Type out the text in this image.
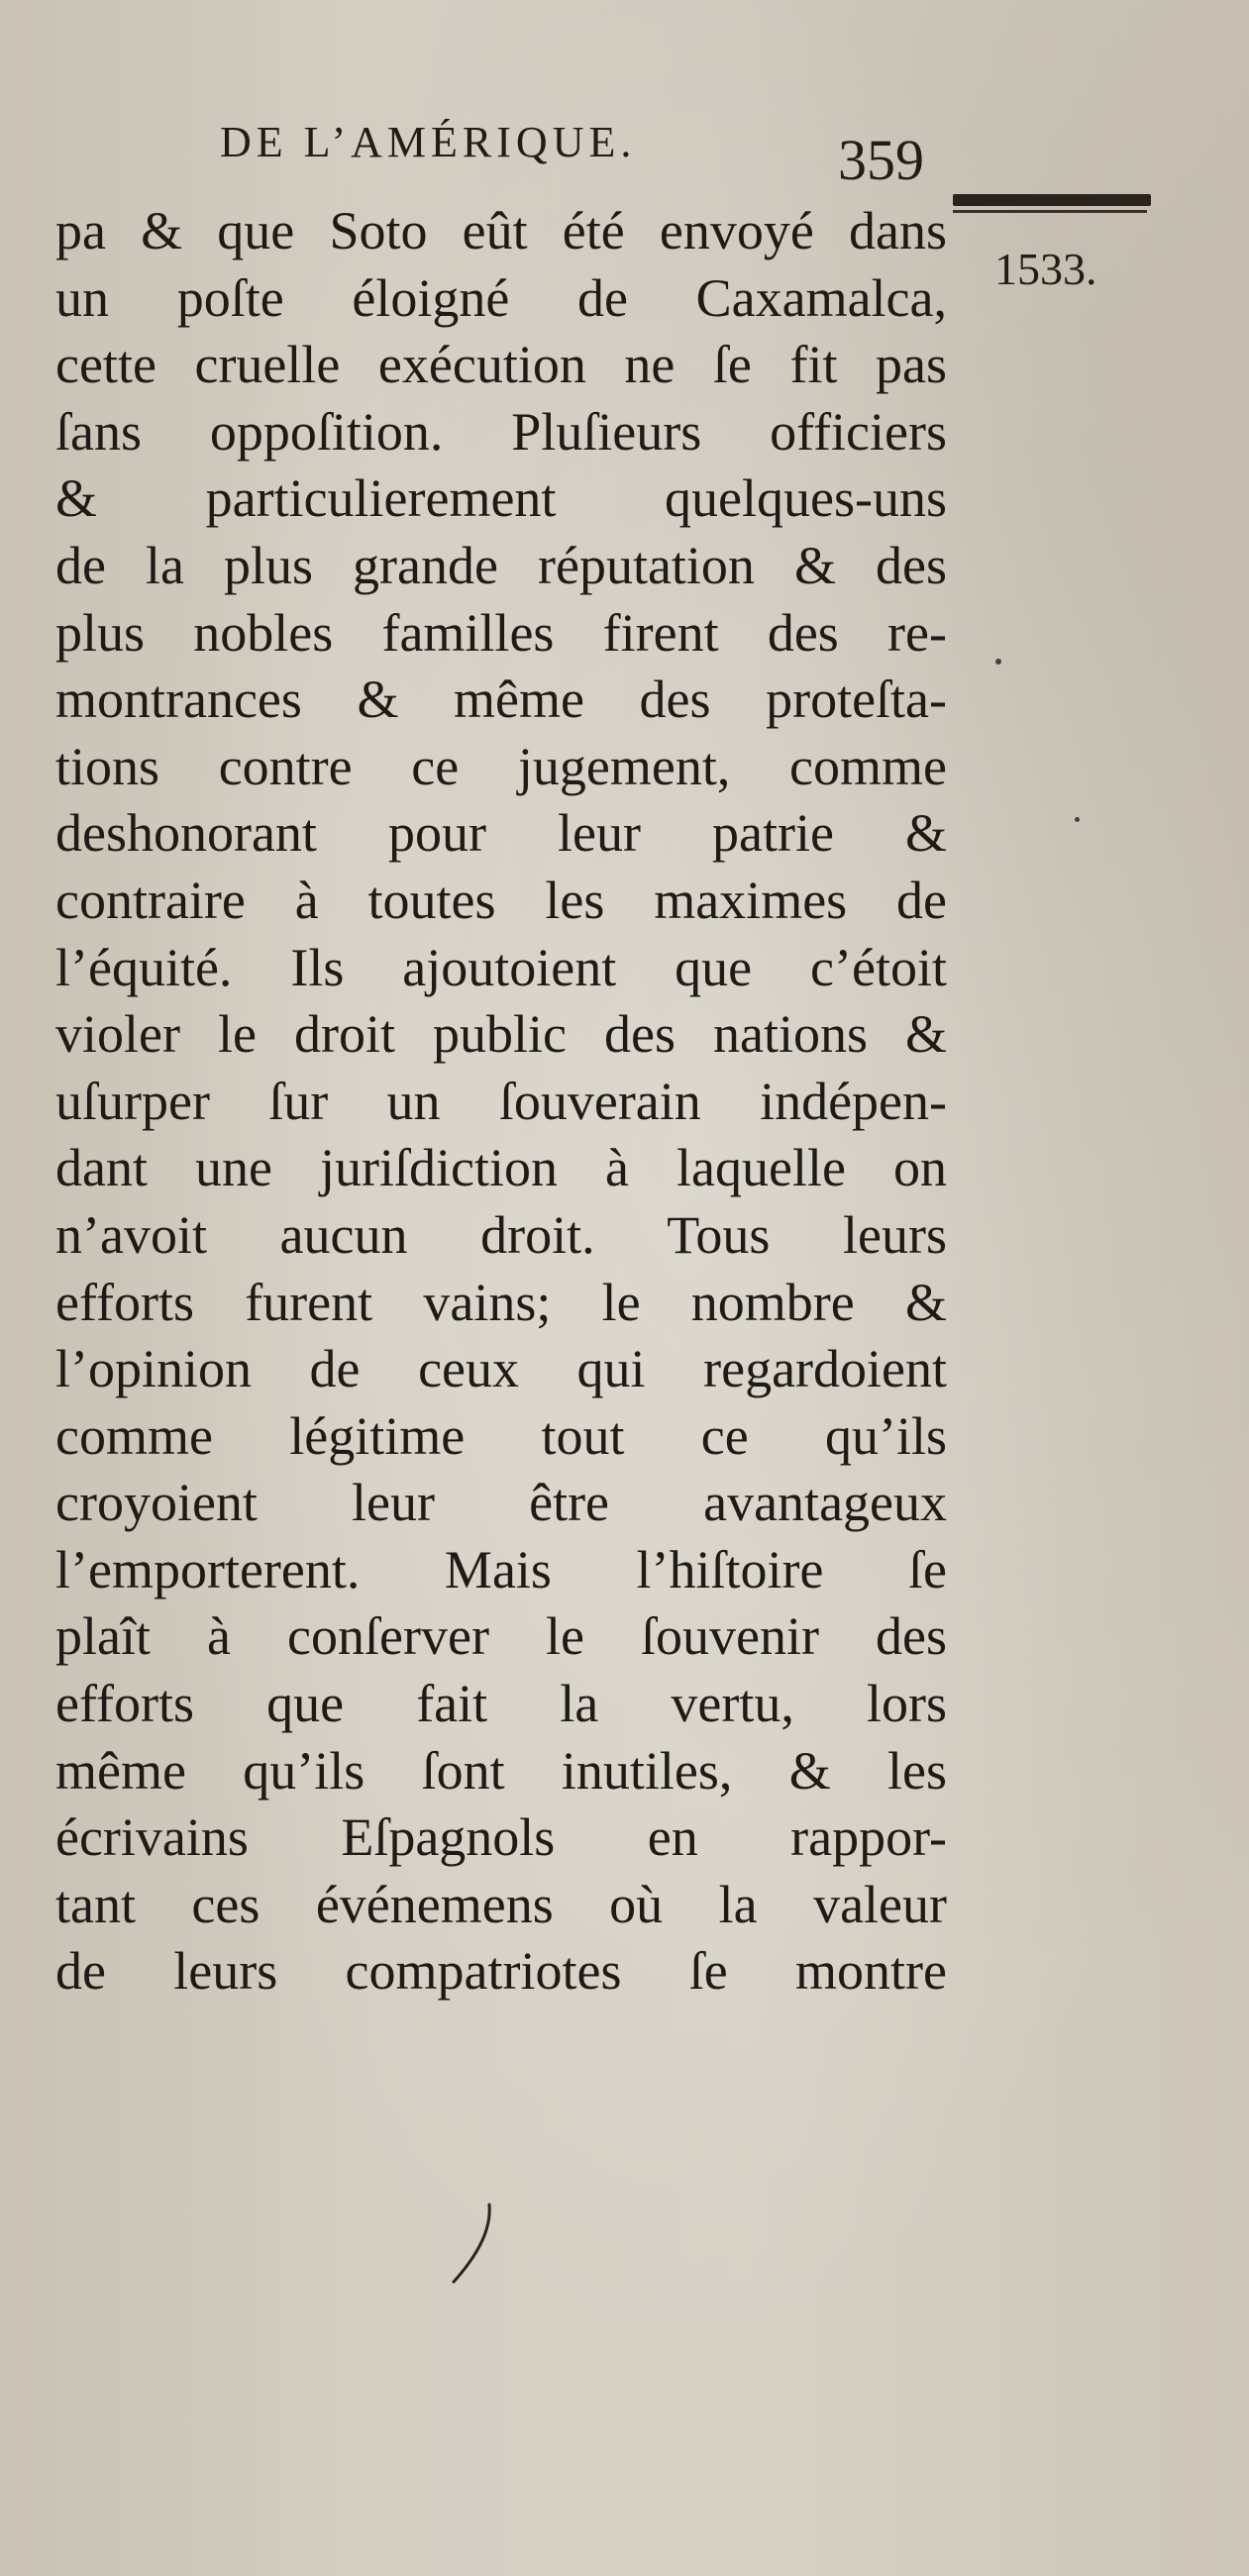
DE L’AMÉRIQUE.	359
1533.
pa & que Soto eût été envoyé dans
un poſte éloigné de Caxamalca,
cette cruelle exécution ne ſe fit pas
ſans oppoſition. Pluſieurs officiers
& particulierement quelques-uns
de la plus grande réputation & des
plus nobles familles firent des re-
montrances & même des proteſta-
tions contre ce jugement, comme
deshonorant pour leur patrie &
contraire à toutes les maximes de
l’équité. Ils ajoutoient que c’étoit
violer le droit public des nations &
uſurper ſur un ſouverain indépen-
dant une juriſdiction à laquelle on
n’avoit aucun droit. Tous leurs
efforts furent vains; le nombre &
l’opinion de ceux qui regardoient
comme légitime tout ce qu’ils
croyoient leur être avantageux
l’emporterent. Mais l’hiſtoire ſe
plaît à conſerver le ſouvenir des
efforts que fait la vertu, lors
même qu’ils ſont inutiles, & les
écrivains Eſpagnols en rappor-
tant ces événemens où la valeur
de leurs compatriotes ſe montre
